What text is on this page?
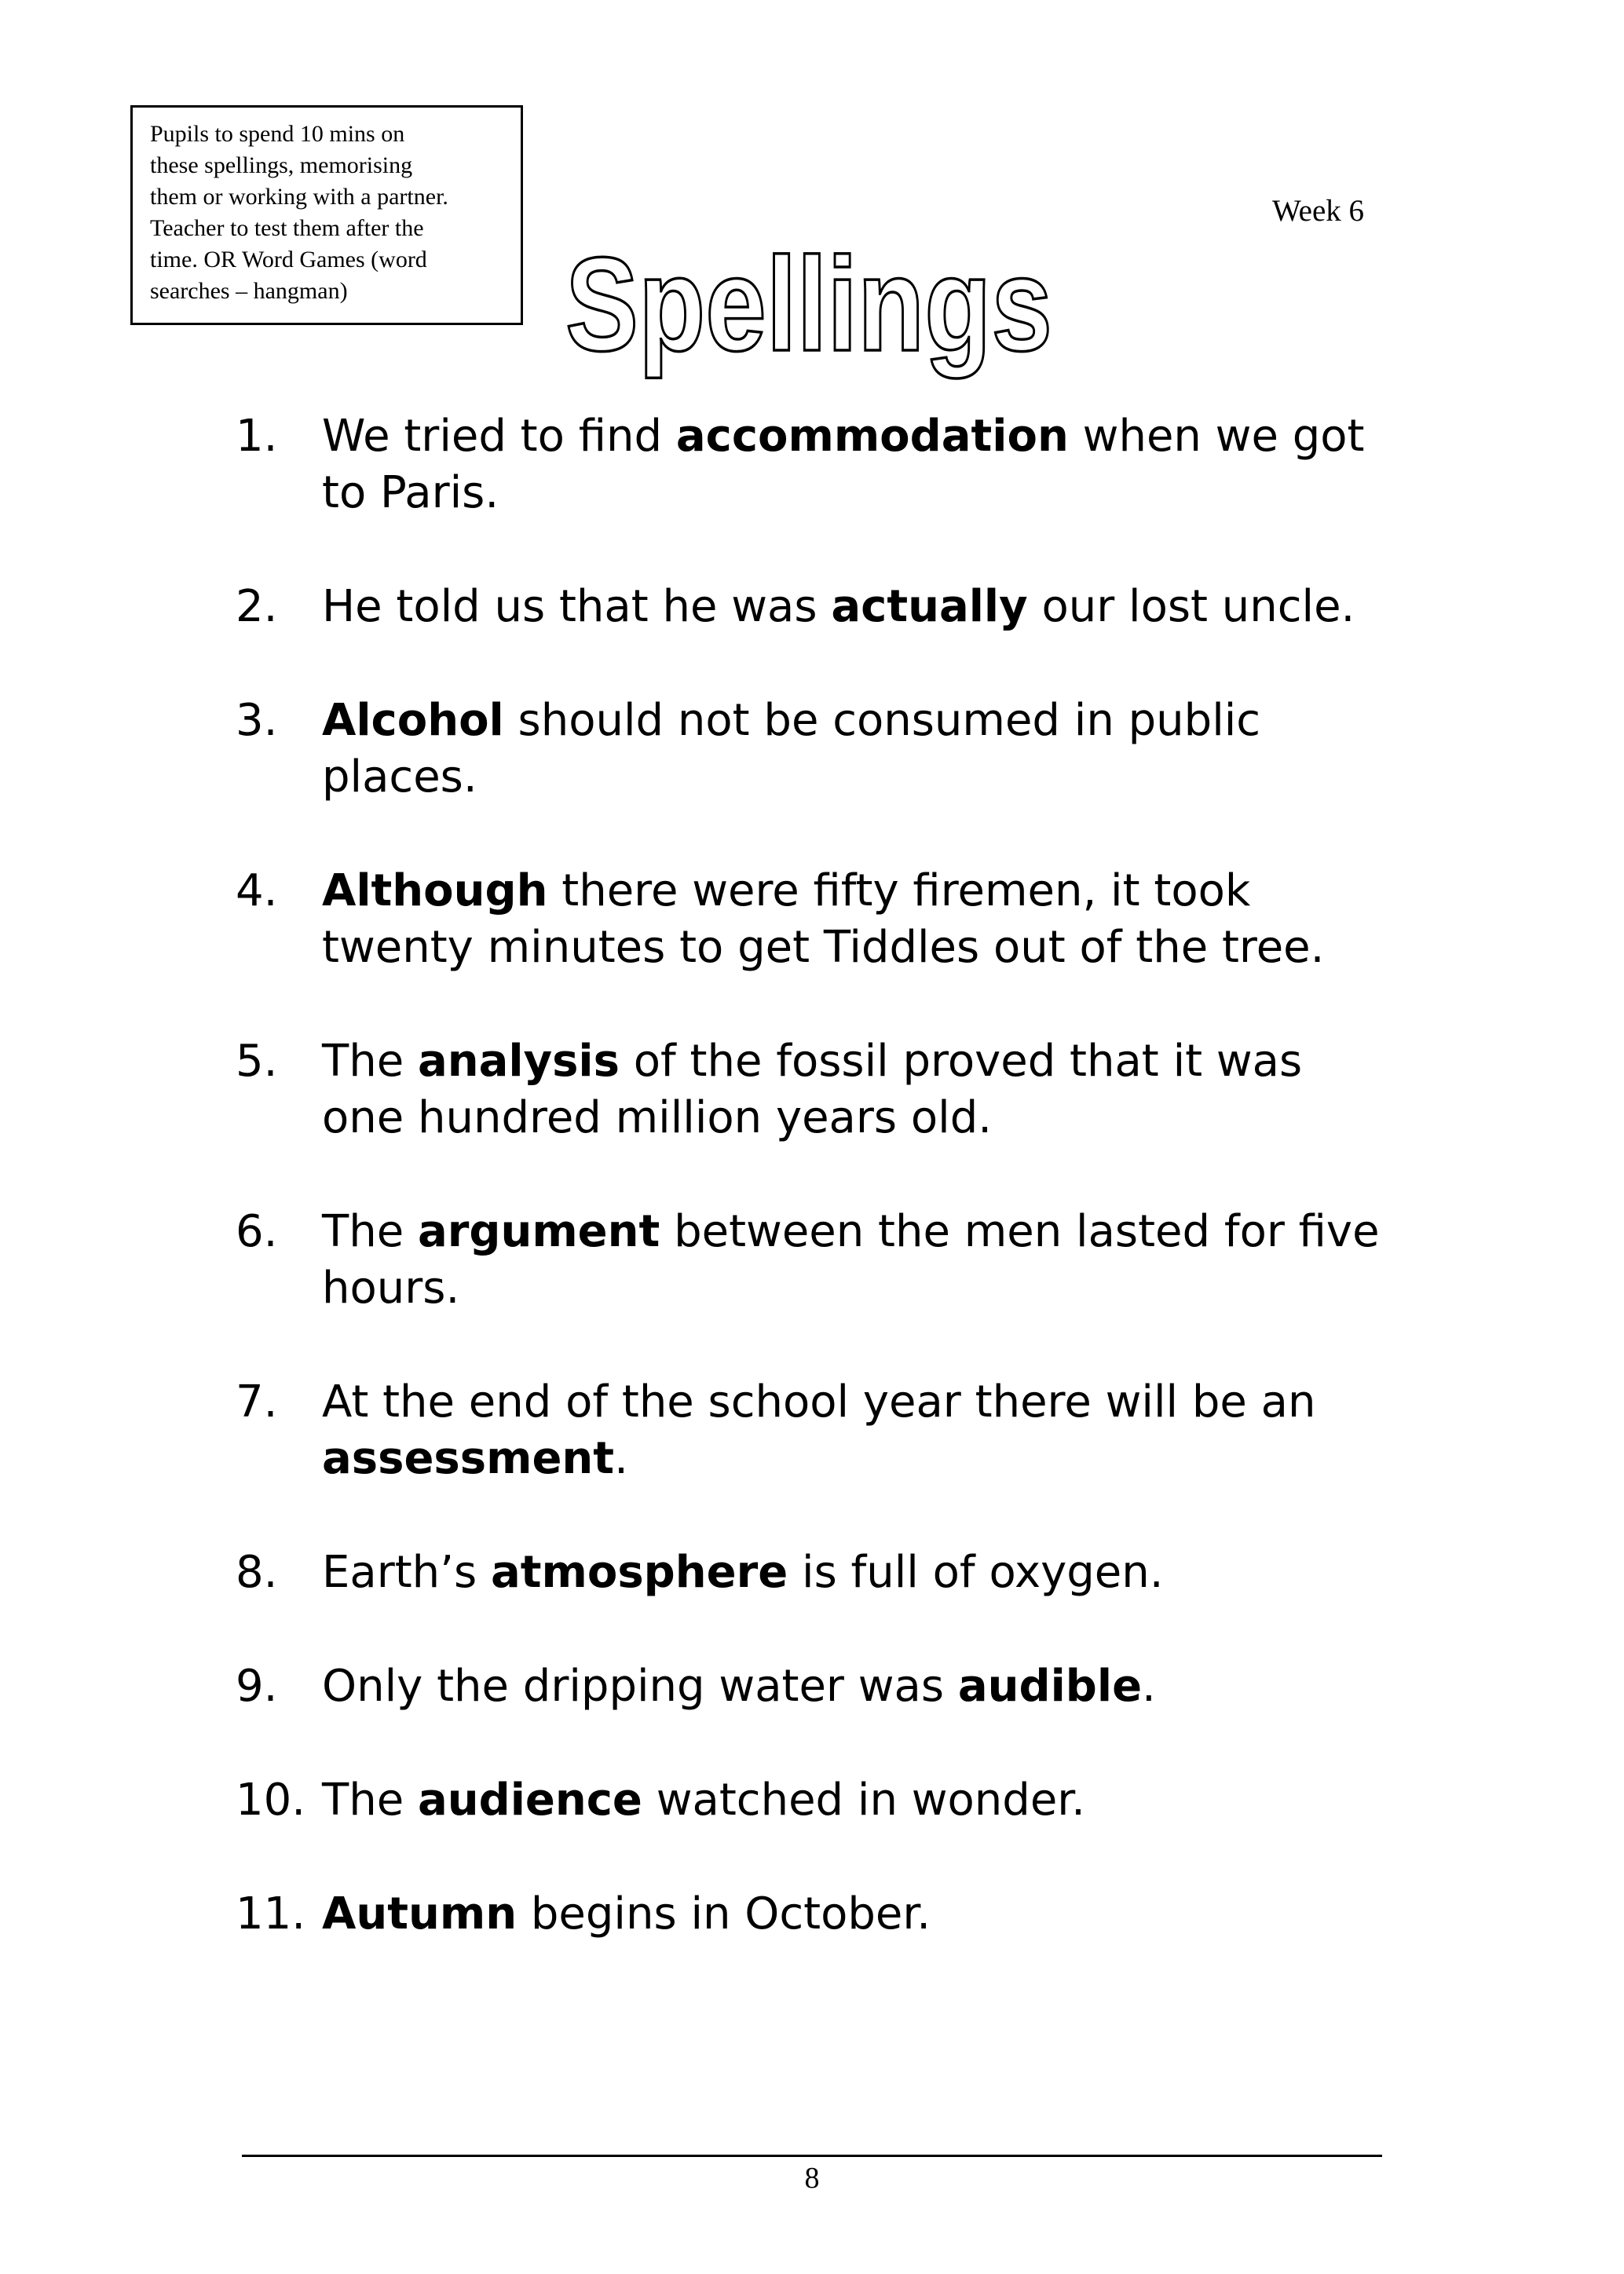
Pupils to spend 10 mins on
these spellings, memorising
them or working with a partner.
Teacher to test them after the
time. OR Word Games (word
searches – hangman)
Week 6
Spellings
1. We tried to find accommodation when we got to Paris.
2. He told us that he was actually our lost uncle.
3. Alcohol should not be consumed in public places.
4. Although there were fifty firemen, it took twenty minutes to get Tiddles out of the tree.
5. The analysis of the fossil proved that it was one hundred million years old.
6. The argument between the men lasted for five hours.
7. At the end of the school year there will be an assessment.
8. Earth’s atmosphere is full of oxygen.
9. Only the dripping water was audible.
10. The audience watched in wonder.
11. Autumn begins in October.
8
